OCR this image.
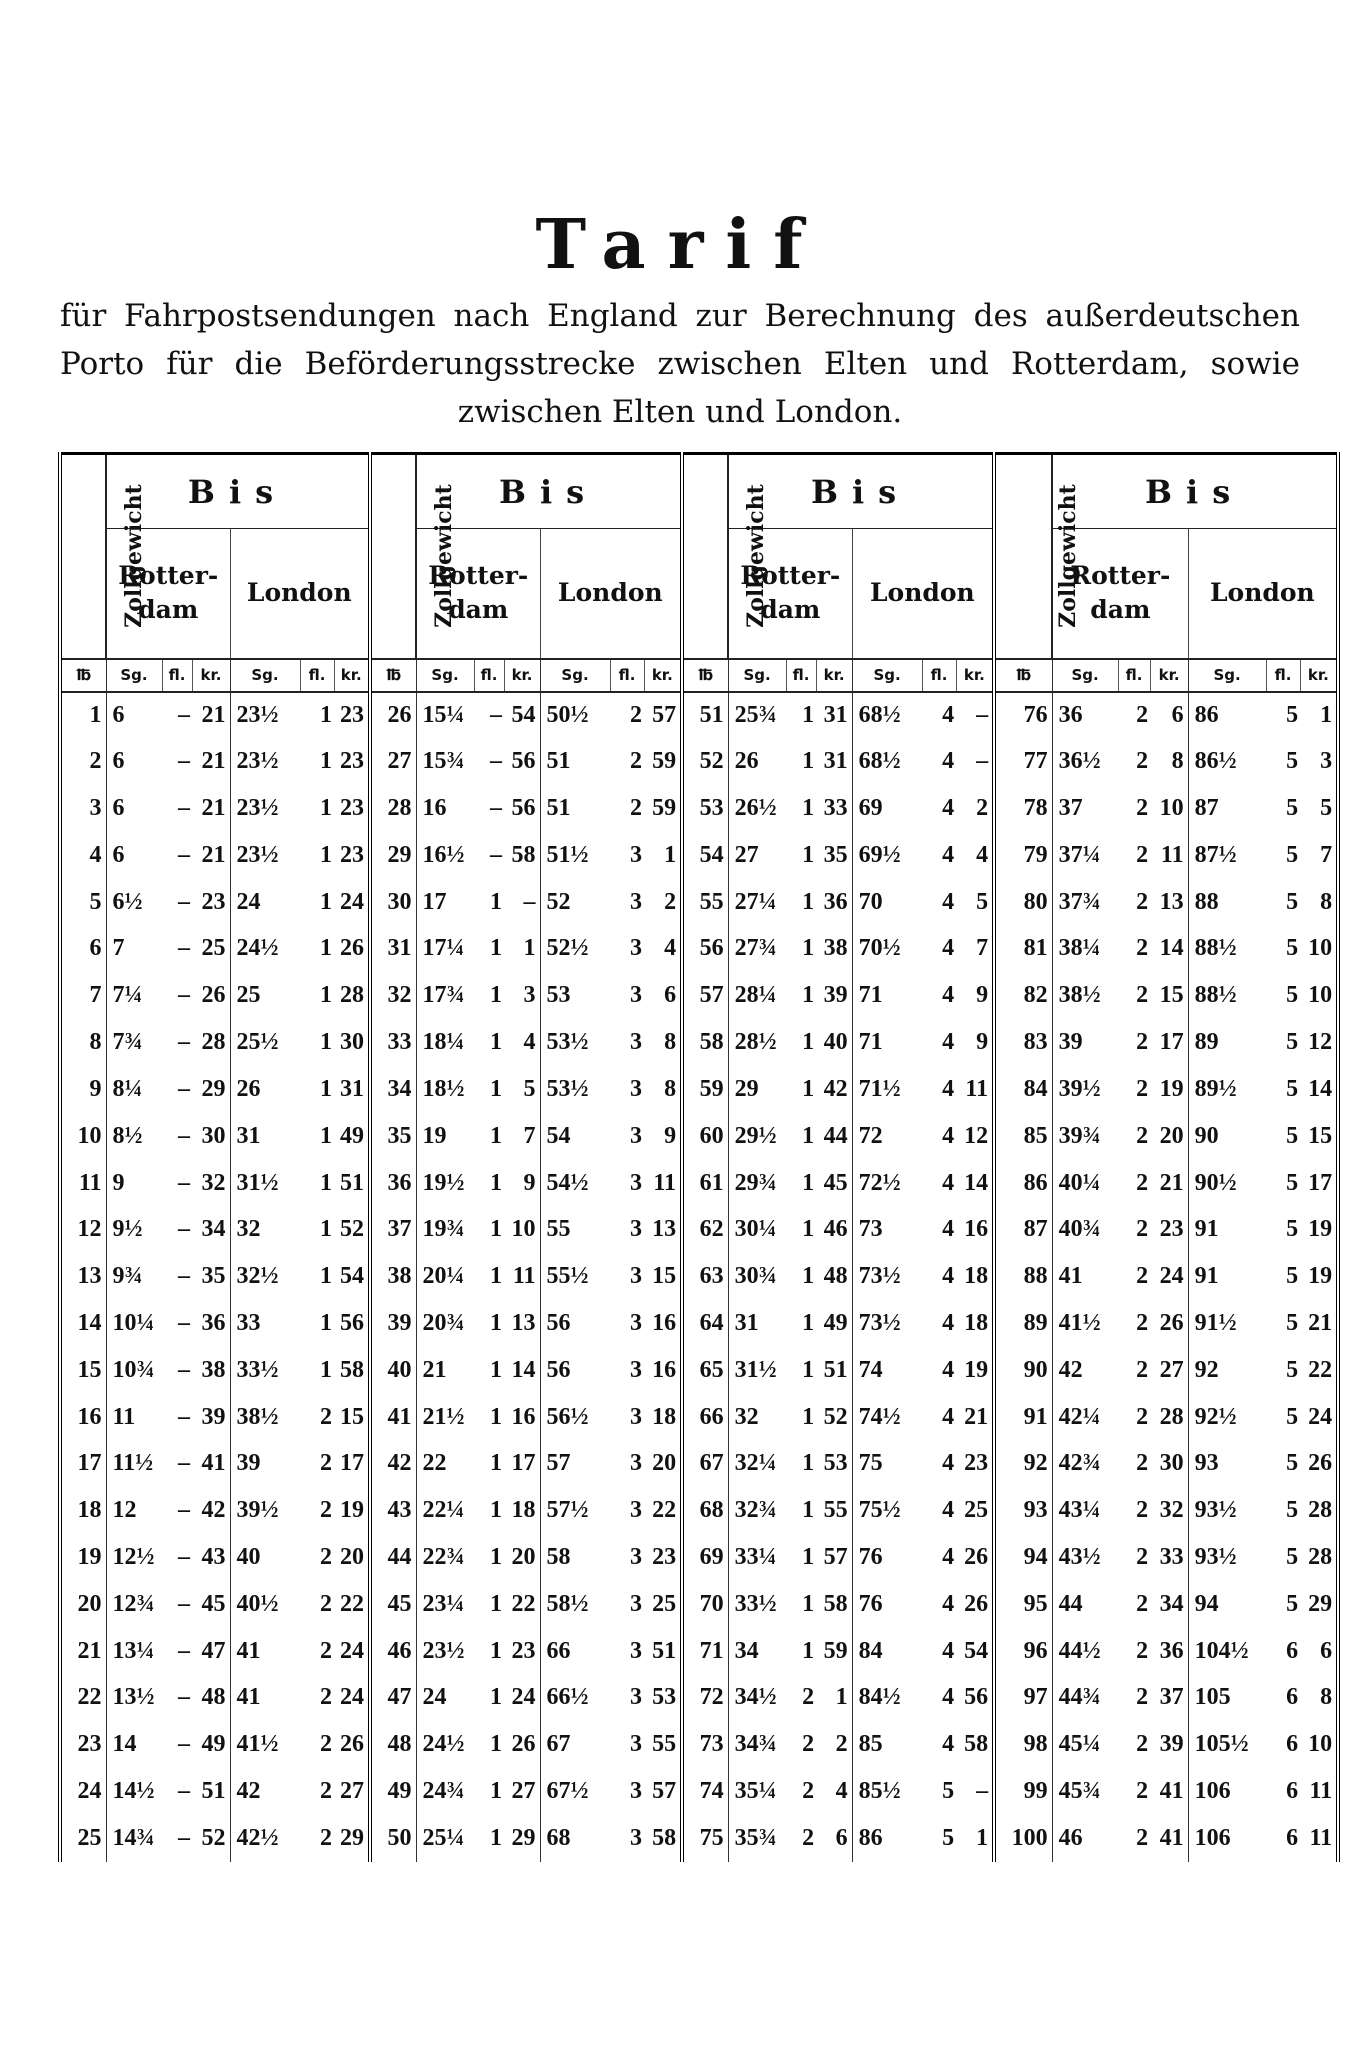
Tarif

für Fahrpostsendungen nach England zur Berechnung des außerdeutschen Porto für die Beförderungsstrecke zwischen Elten und Rotterdam, sowie zwischen Elten und London.

Zollgewicht	Bis						Zollgewicht	Bis						Zollgewicht	Bis						Zollgewicht	Bis					
	Rotter- dam			London				Rotter- dam			London				Rotter- dam			London				Rotter- dam			London		
℔	Sg.	fl.	kr.	Sg.	fl.	kr.	℔	Sg.	fl.	kr.	Sg.	fl.	kr.	℔	Sg.	fl.	kr.	Sg.	fl.	kr.	℔	Sg.	fl.	kr.	Sg.	fl.	kr.
1	6	–	21	23½	1	23	26	15¼	–	54	50½	2	57	51	25¾	1	31	68½	4	–	76	36	2	6	86	5	1
2	6	–	21	23½	1	23	27	15¾	–	56	51	2	59	52	26	1	31	68½	4	–	77	36½	2	8	86½	5	3
3	6	–	21	23½	1	23	28	16	–	56	51	2	59	53	26½	1	33	69	4	2	78	37	2	10	87	5	5
4	6	–	21	23½	1	23	29	16½	–	58	51½	3	1	54	27	1	35	69½	4	4	79	37¼	2	11	87½	5	7
5	6½	–	23	24	1	24	30	17	1	–	52	3	2	55	27¼	1	36	70	4	5	80	37¾	2	13	88	5	8
6	7	–	25	24½	1	26	31	17¼	1	1	52½	3	4	56	27¾	1	38	70½	4	7	81	38¼	2	14	88½	5	10
7	7¼	–	26	25	1	28	32	17¾	1	3	53	3	6	57	28¼	1	39	71	4	9	82	38½	2	15	88½	5	10
8	7¾	–	28	25½	1	30	33	18¼	1	4	53½	3	8	58	28½	1	40	71	4	9	83	39	2	17	89	5	12
9	8¼	–	29	26	1	31	34	18½	1	5	53½	3	8	59	29	1	42	71½	4	11	84	39½	2	19	89½	5	14
10	8½	–	30	31	1	49	35	19	1	7	54	3	9	60	29½	1	44	72	4	12	85	39¾	2	20	90	5	15
11	9	–	32	31½	1	51	36	19½	1	9	54½	3	11	61	29¾	1	45	72½	4	14	86	40¼	2	21	90½	5	17
12	9½	–	34	32	1	52	37	19¾	1	10	55	3	13	62	30¼	1	46	73	4	16	87	40¾	2	23	91	5	19
13	9¾	–	35	32½	1	54	38	20¼	1	11	55½	3	15	63	30¾	1	48	73½	4	18	88	41	2	24	91	5	19
14	10¼	–	36	33	1	56	39	20¾	1	13	56	3	16	64	31	1	49	73½	4	18	89	41½	2	26	91½	5	21
15	10¾	–	38	33½	1	58	40	21	1	14	56	3	16	65	31½	1	51	74	4	19	90	42	2	27	92	5	22
16	11	–	39	38½	2	15	41	21½	1	16	56½	3	18	66	32	1	52	74½	4	21	91	42¼	2	28	92½	5	24
17	11½	–	41	39	2	17	42	22	1	17	57	3	20	67	32¼	1	53	75	4	23	92	42¾	2	30	93	5	26
18	12	–	42	39½	2	19	43	22¼	1	18	57½	3	22	68	32¾	1	55	75½	4	25	93	43¼	2	32	93½	5	28
19	12½	–	43	40	2	20	44	22¾	1	20	58	3	23	69	33¼	1	57	76	4	26	94	43½	2	33	93½	5	28
20	12¾	–	45	40½	2	22	45	23¼	1	22	58½	3	25	70	33½	1	58	76	4	26	95	44	2	34	94	5	29
21	13¼	–	47	41	2	24	46	23½	1	23	66	3	51	71	34	1	59	84	4	54	96	44½	2	36	104½	6	6
22	13½	–	48	41	2	24	47	24	1	24	66½	3	53	72	34½	2	1	84½	4	56	97	44¾	2	37	105	6	8
23	14	–	49	41½	2	26	48	24½	1	26	67	3	55	73	34¾	2	2	85	4	58	98	45¼	2	39	105½	6	10
24	14½	–	51	42	2	27	49	24¾	1	27	67½	3	57	74	35¼	2	4	85½	5	–	99	45¾	2	41	106	6	11
25	14¾	–	52	42½	2	29	50	25¼	1	29	68	3	58	75	35¾	2	6	86	5	1	100	46	2	41	106	6	11
